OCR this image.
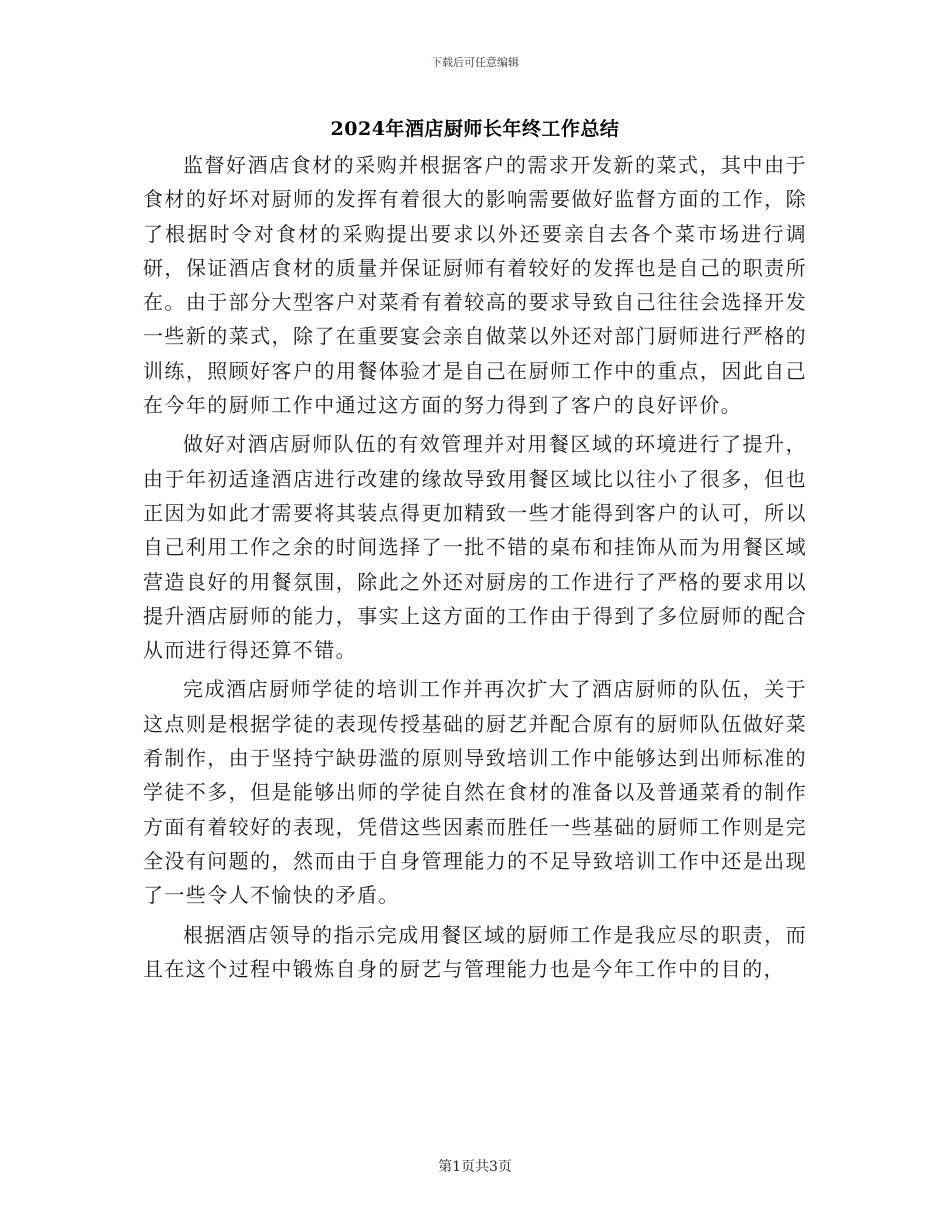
下载后可任意编辑
2024年酒店厨师长年终工作总结

监督好酒店食材的采购并根据客户的需求开发新的菜式，其中由于食材的好坏对厨师的发挥有着很大的影响需要做好监督方面的工作，除了根据时令对食材的采购提出要求以外还要亲自去各个菜市场进行调研，保证酒店食材的质量并保证厨师有着较好的发挥也是自己的职责所在。由于部分大型客户对菜肴有着较高的要求导致自己往往会选择开发一些新的菜式，除了在重要宴会亲自做菜以外还对部门厨师进行严格的训练，照顾好客户的用餐体验才是自己在厨师工作中的重点，因此自己在今年的厨师工作中通过这方面的努力得到了客户的良好评价。

做好对酒店厨师队伍的有效管理并对用餐区域的环境进行了提升，由于年初适逢酒店进行改建的缘故导致用餐区域比以往小了很多，但也正因为如此才需要将其装点得更加精致一些才能得到客户的认可，所以自己利用工作之余的时间选择了一批不错的桌布和挂饰从而为用餐区域营造良好的用餐氛围，除此之外还对厨房的工作进行了严格的要求用以提升酒店厨师的能力，事实上这方面的工作由于得到了多位厨师的配合从而进行得还算不错。

完成酒店厨师学徒的培训工作并再次扩大了酒店厨师的队伍，关于这点则是根据学徒的表现传授基础的厨艺并配合原有的厨师队伍做好菜肴制作，由于坚持宁缺毋滥的原则导致培训工作中能够达到出师标准的学徒不多，但是能够出师的学徒自然在食材的准备以及普通菜肴的制作方面有着较好的表现，凭借这些因素而胜任一些基础的厨师工作则是完全没有问题的，然而由于自身管理能力的不足导致培训工作中还是出现了一些令人不愉快的矛盾。

根据酒店领导的指示完成用餐区域的厨师工作是我应尽的职责，而且在这个过程中锻炼自身的厨艺与管理能力也是今年工作中的目的，

第1页共3页
